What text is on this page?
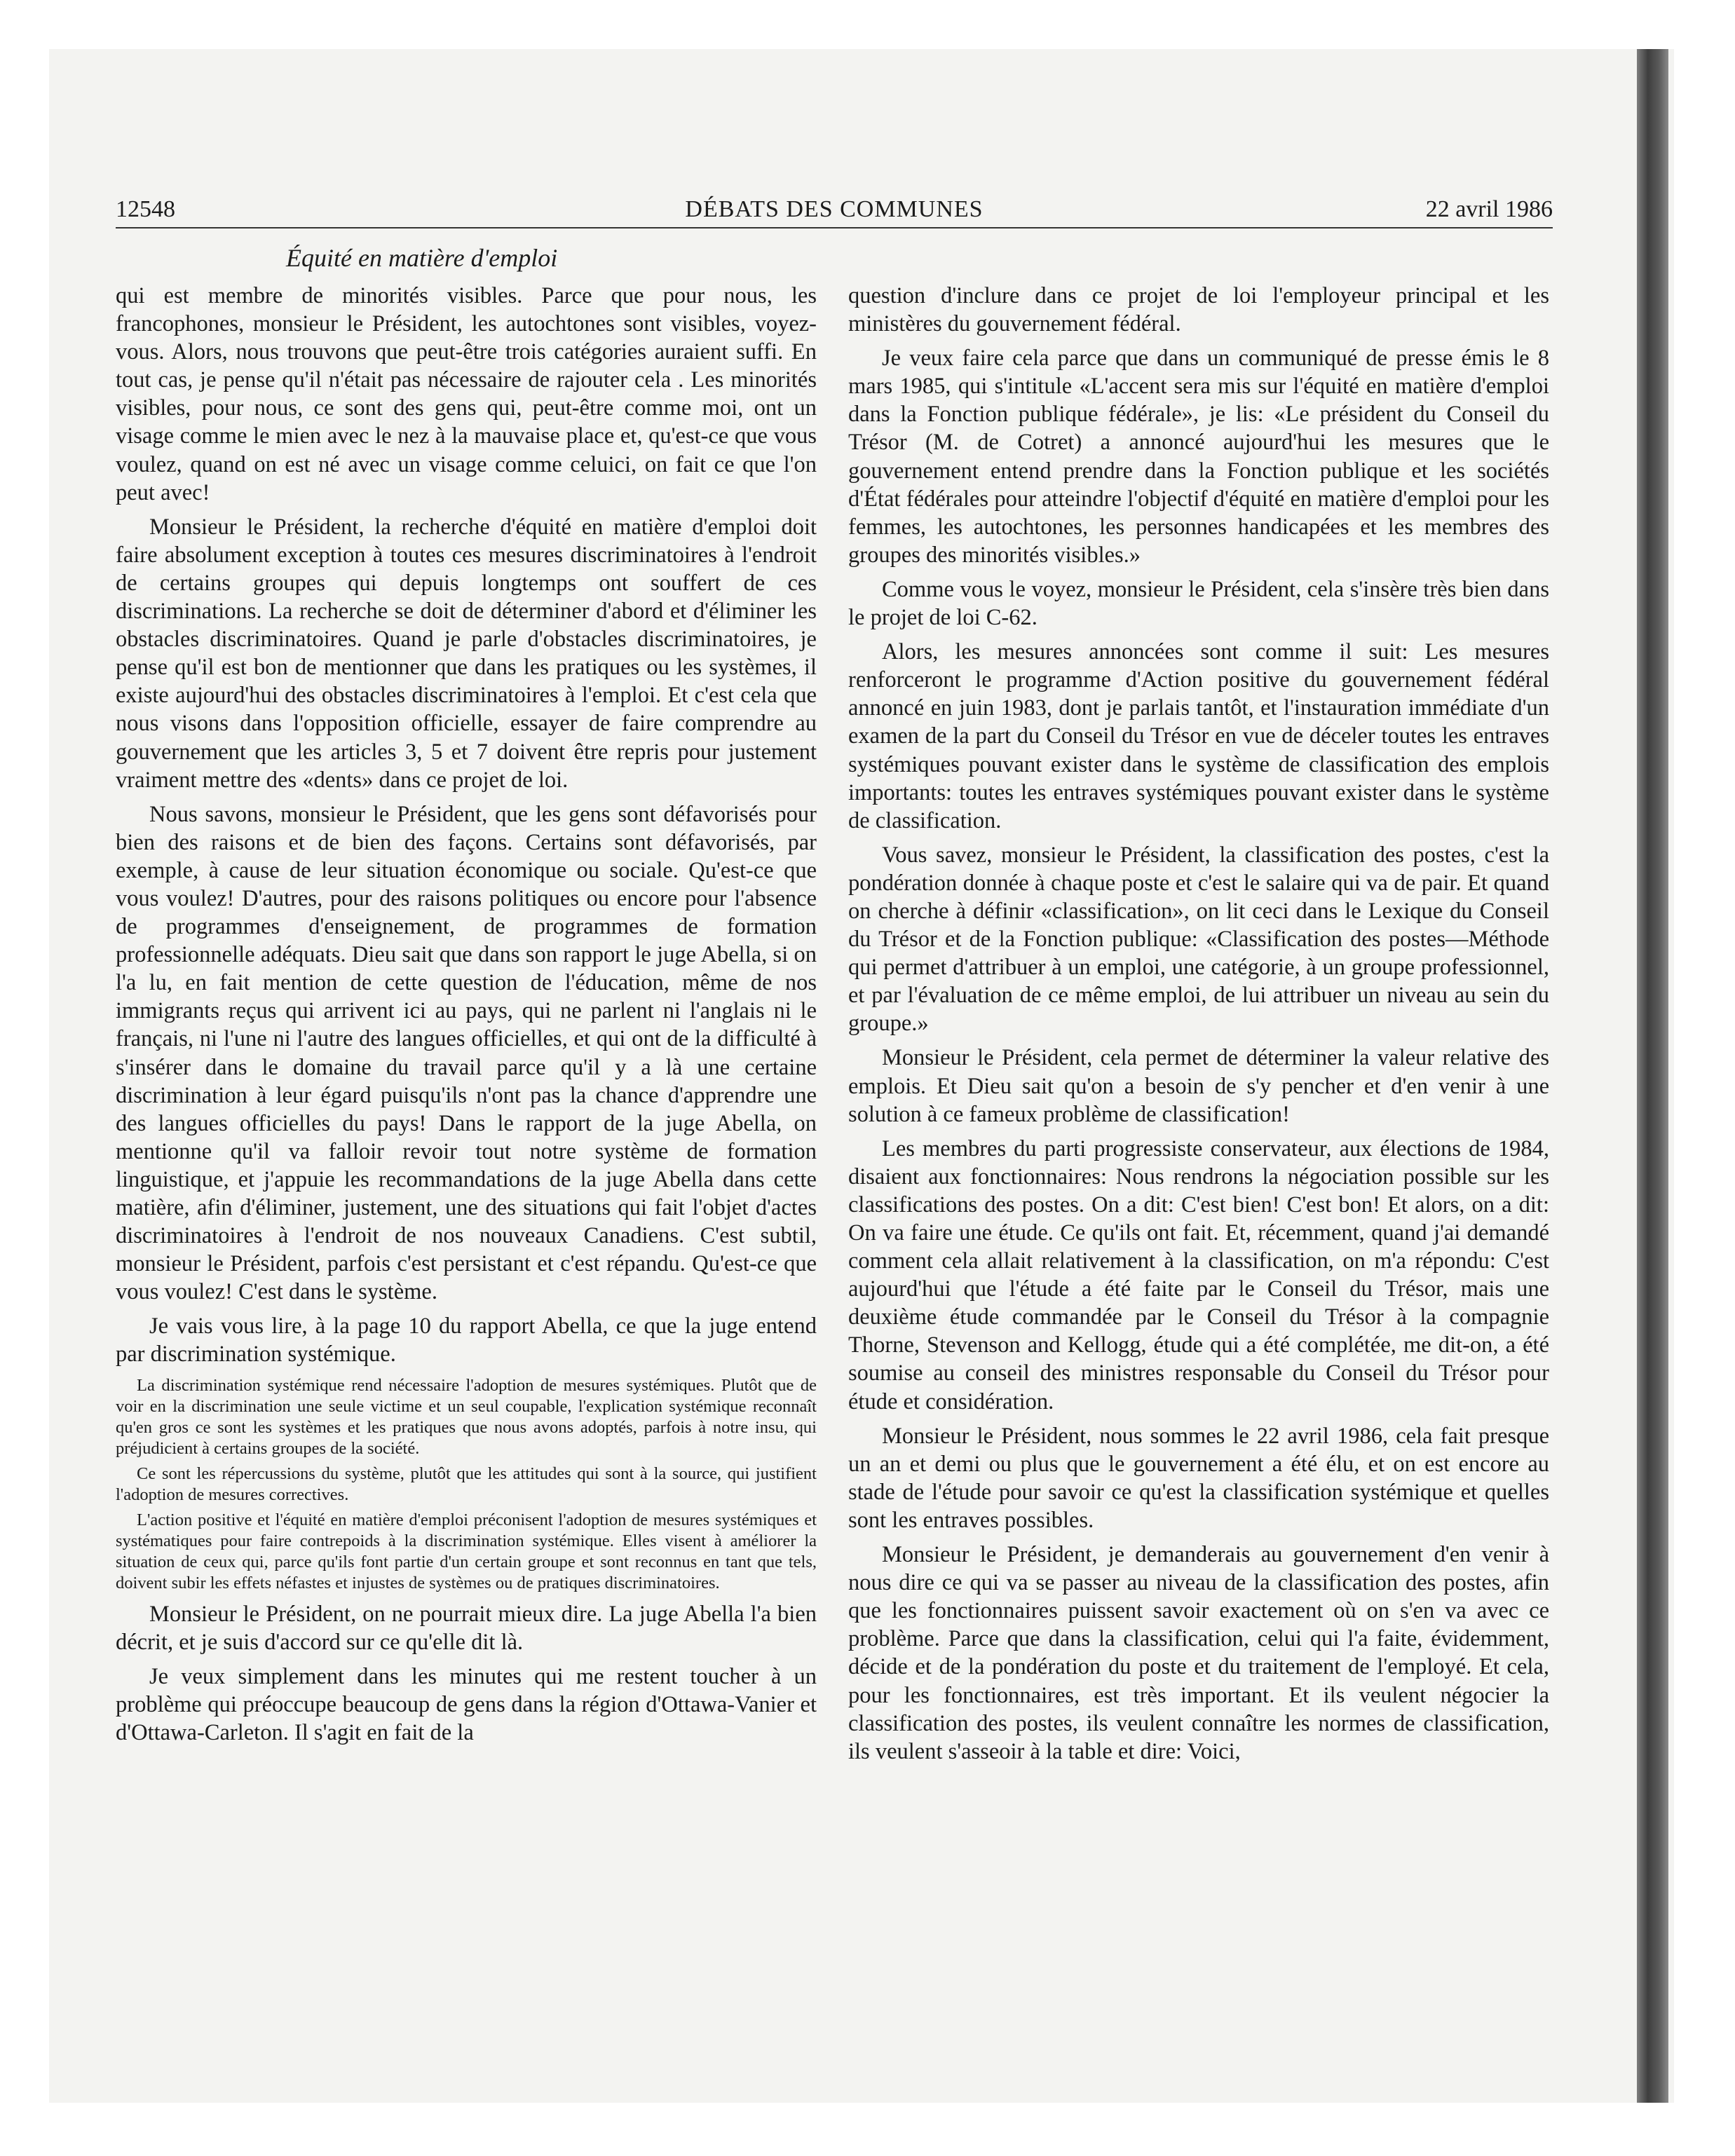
12548	DÉBATS DES COMMUNES	22 avril 1986
Équité en matière d'emploi

qui est membre de minorités visibles. Parce que pour nous, les francophones, monsieur le Président, les autochtones sont visibles, voyez-vous. Alors, nous trouvons que peut-être trois catégories auraient suffi. En tout cas, je pense qu'il n'était pas nécessaire de rajouter cela . Les minorités visibles, pour nous, ce sont des gens qui, peut-être comme moi, ont un visage comme le mien avec le nez à la mauvaise place et, qu'est-ce que vous voulez, quand on est né avec un visage comme celuici, on fait ce que l'on peut avec!

Monsieur le Président, la recherche d'équité en matière d'emploi doit faire absolument exception à toutes ces mesures discriminatoires à l'endroit de certains groupes qui depuis longtemps ont souffert de ces discriminations. La recherche se doit de déterminer d'abord et d'éliminer les obstacles discriminatoires. Quand je parle d'obstacles discriminatoires, je pense qu'il est bon de mentionner que dans les pratiques ou les systèmes, il existe aujourd'hui des obstacles discriminatoires à l'emploi. Et c'est cela que nous visons dans l'opposition officielle, essayer de faire comprendre au gouvernement que les articles 3, 5 et 7 doivent être repris pour justement vraiment mettre des «dents» dans ce projet de loi.

Nous savons, monsieur le Président, que les gens sont défavorisés pour bien des raisons et de bien des façons. Certains sont défavorisés, par exemple, à cause de leur situation économique ou sociale. Qu'est-ce que vous voulez! D'autres, pour des raisons politiques ou encore pour l'absence de programmes d'enseignement, de programmes de formation professionnelle adéquats. Dieu sait que dans son rapport le juge Abella, si on l'a lu, en fait mention de cette question de l'éducation, même de nos immigrants reçus qui arrivent ici au pays, qui ne parlent ni l'anglais ni le français, ni l'une ni l'autre des langues officielles, et qui ont de la difficulté à s'insérer dans le domaine du travail parce qu'il y a là une certaine discrimination à leur égard puisqu'ils n'ont pas la chance d'apprendre une des langues officielles du pays! Dans le rapport de la juge Abella, on mentionne qu'il va falloir revoir tout notre système de formation linguistique, et j'appuie les recommandations de la juge Abella dans cette matière, afin d'éliminer, justement, une des situations qui fait l'objet d'actes discriminatoires à l'endroit de nos nouveaux Canadiens. C'est subtil, monsieur le Président, parfois c'est persistant et c'est répandu. Qu'est-ce que vous voulez! C'est dans le système.

Je vais vous lire, à la page 10 du rapport Abella, ce que la juge entend par discrimination systémique.

La discrimination systémique rend nécessaire l'adoption de mesures systémiques. Plutôt que de voir en la discrimination une seule victime et un seul coupable, l'explication systémique reconnaît qu'en gros ce sont les systèmes et les pratiques que nous avons adoptés, parfois à notre insu, qui préjudicient à certains groupes de la société.

Ce sont les répercussions du système, plutôt que les attitudes qui sont à la source, qui justifient l'adoption de mesures correctives.

L'action positive et l'équité en matière d'emploi préconisent l'adoption de mesures systémiques et systématiques pour faire contrepoids à la discrimination systémique. Elles visent à améliorer la situation de ceux qui, parce qu'ils font partie d'un certain groupe et sont reconnus en tant que tels, doivent subir les effets néfastes et injustes de systèmes ou de pratiques discriminatoires.

Monsieur le Président, on ne pourrait mieux dire. La juge Abella l'a bien décrit, et je suis d'accord sur ce qu'elle dit là.

Je veux simplement dans les minutes qui me restent toucher à un problème qui préoccupe beaucoup de gens dans la région d'Ottawa-Vanier et d'Ottawa-Carleton. Il s'agit en fait de la

question d'inclure dans ce projet de loi l'employeur principal et les ministères du gouvernement fédéral.

Je veux faire cela parce que dans un communiqué de presse émis le 8 mars 1985, qui s'intitule «L'accent sera mis sur l'équité en matière d'emploi dans la Fonction publique fédérale», je lis: «Le président du Conseil du Trésor (M. de Cotret) a annoncé aujourd'hui les mesures que le gouvernement entend prendre dans la Fonction publique et les sociétés d'État fédérales pour atteindre l'objectif d'équité en matière d'emploi pour les femmes, les autochtones, les personnes handicapées et les membres des groupes des minorités visibles.»

Comme vous le voyez, monsieur le Président, cela s'insère très bien dans le projet de loi C-62.

Alors, les mesures annoncées sont comme il suit: Les mesures renforceront le programme d'Action positive du gouvernement fédéral annoncé en juin 1983, dont je parlais tantôt, et l'instauration immédiate d'un examen de la part du Conseil du Trésor en vue de déceler toutes les entraves systémiques pouvant exister dans le système de classification des emplois importants: toutes les entraves systémiques pouvant exister dans le système de classification.

Vous savez, monsieur le Président, la classification des postes, c'est la pondération donnée à chaque poste et c'est le salaire qui va de pair. Et quand on cherche à définir «classification», on lit ceci dans le Lexique du Conseil du Trésor et de la Fonction publique: «Classification des postes—Méthode qui permet d'attribuer à un emploi, une catégorie, à un groupe professionnel, et par l'évaluation de ce même emploi, de lui attribuer un niveau au sein du groupe.»

Monsieur le Président, cela permet de déterminer la valeur relative des emplois. Et Dieu sait qu'on a besoin de s'y pencher et d'en venir à une solution à ce fameux problème de classification!

Les membres du parti progressiste conservateur, aux élections de 1984, disaient aux fonctionnaires: Nous rendrons la négociation possible sur les classifications des postes. On a dit: C'est bien! C'est bon! Et alors, on a dit: On va faire une étude. Ce qu'ils ont fait. Et, récemment, quand j'ai demandé comment cela allait relativement à la classification, on m'a répondu: C'est aujourd'hui que l'étude a été faite par le Conseil du Trésor, mais une deuxième étude commandée par le Conseil du Trésor à la compagnie Thorne, Stevenson and Kellogg, étude qui a été complétée, me dit-on, a été soumise au conseil des ministres responsable du Conseil du Trésor pour étude et considération.

Monsieur le Président, nous sommes le 22 avril 1986, cela fait presque un an et demi ou plus que le gouvernement a été élu, et on est encore au stade de l'étude pour savoir ce qu'est la classification systémique et quelles sont les entraves possibles.

Monsieur le Président, je demanderais au gouvernement d'en venir à nous dire ce qui va se passer au niveau de la classification des postes, afin que les fonctionnaires puissent savoir exactement où on s'en va avec ce problème. Parce que dans la classification, celui qui l'a faite, évidemment, décide et de la pondération du poste et du traitement de l'employé. Et cela, pour les fonctionnaires, est très important. Et ils veulent négocier la classification des postes, ils veulent connaître les normes de classification, ils veulent s'asseoir à la table et dire: Voici,
